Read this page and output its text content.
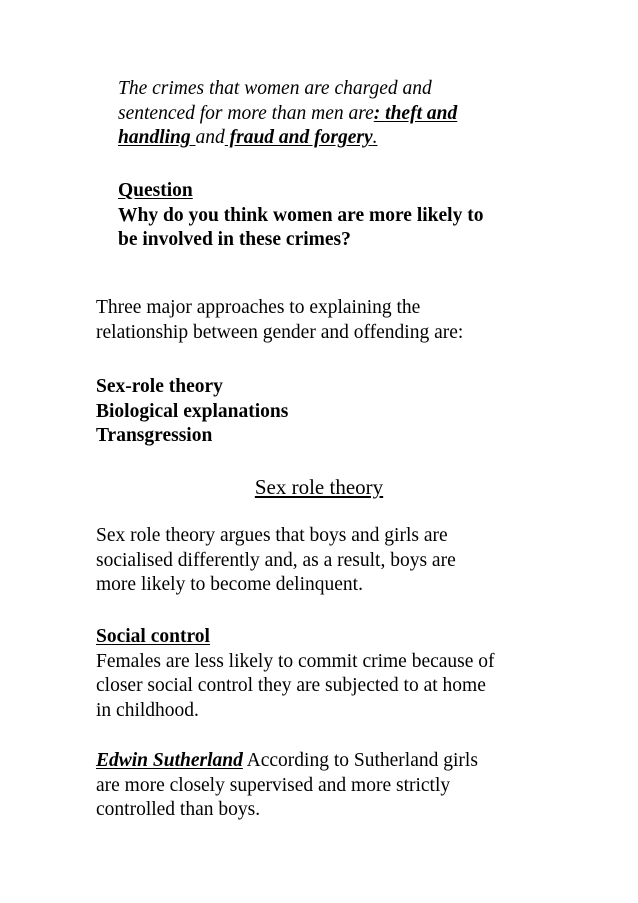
The crimes that women are charged and

sentenced for more than men are: theft and

handling and fraud and forgery.

Question

Why do you think women are more likely to

be involved in these crimes?

Three major approaches to explaining the

relationship between gender and offending are:

Sex-role theory

Biological explanations

Transgression

Sex role theory

Sex role theory argues that boys and girls are

socialised differently and, as a result, boys are

more likely to become delinquent.

Social control

Females are less likely to commit crime because of

closer social control they are subjected to at home

in childhood.

Edwin Sutherland According to Sutherland girls

are more closely supervised and more strictly

controlled than boys.
